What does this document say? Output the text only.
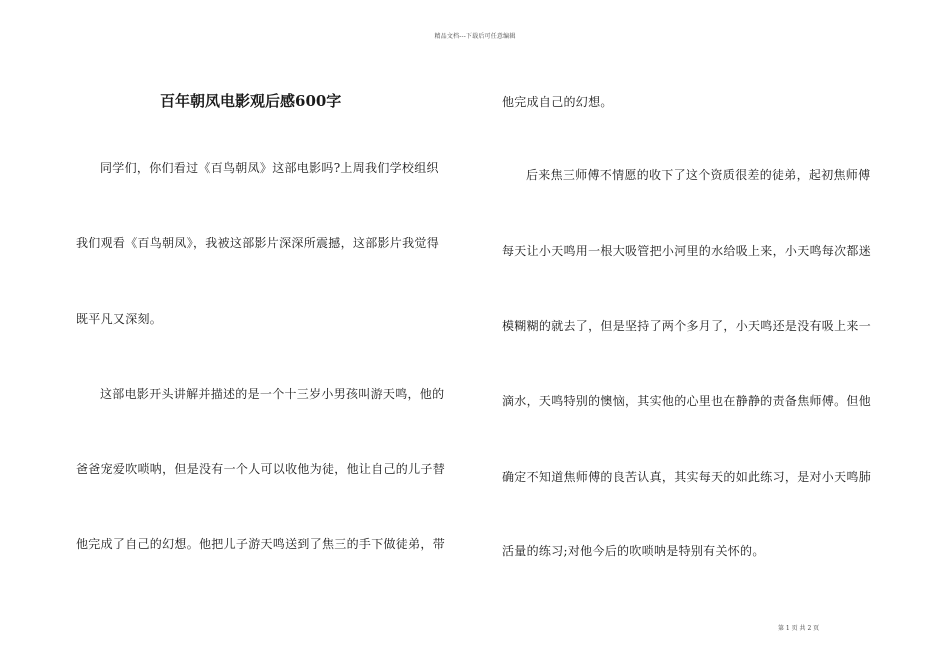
精品文档---下载后可任意编辑
百年朝凤电影观后感600字
同学们，你们看过《百鸟朝凤》这部电影吗?上周我们学校组织
我们观看《百鸟朝凤》，我被这部影片深深所震撼，这部影片我觉得
既平凡又深刻。
这部电影开头讲解并描述的是一个十三岁小男孩叫游天鸣，他的
爸爸宠爱吹唢呐，但是没有一个人可以收他为徒，他让自己的儿子替
他完成了自己的幻想。他把儿子游天鸣送到了焦三的手下做徒弟，带
他完成自己的幻想。
后来焦三师傅不情愿的收下了这个资质很差的徒弟，起初焦师傅
每天让小天鸣用一根大吸管把小河里的水给吸上来，小天鸣每次都迷
模糊糊的就去了，但是坚持了两个多月了，小天鸣还是没有吸上来一
滴水，天鸣特别的懊恼，其实他的心里也在静静的责备焦师傅。但他
确定不知道焦师傅的良苦认真，其实每天的如此练习，是对小天鸣肺
活量的练习;对他今后的吹唢呐是特别有关怀的。
第 1 页 共 2 页
